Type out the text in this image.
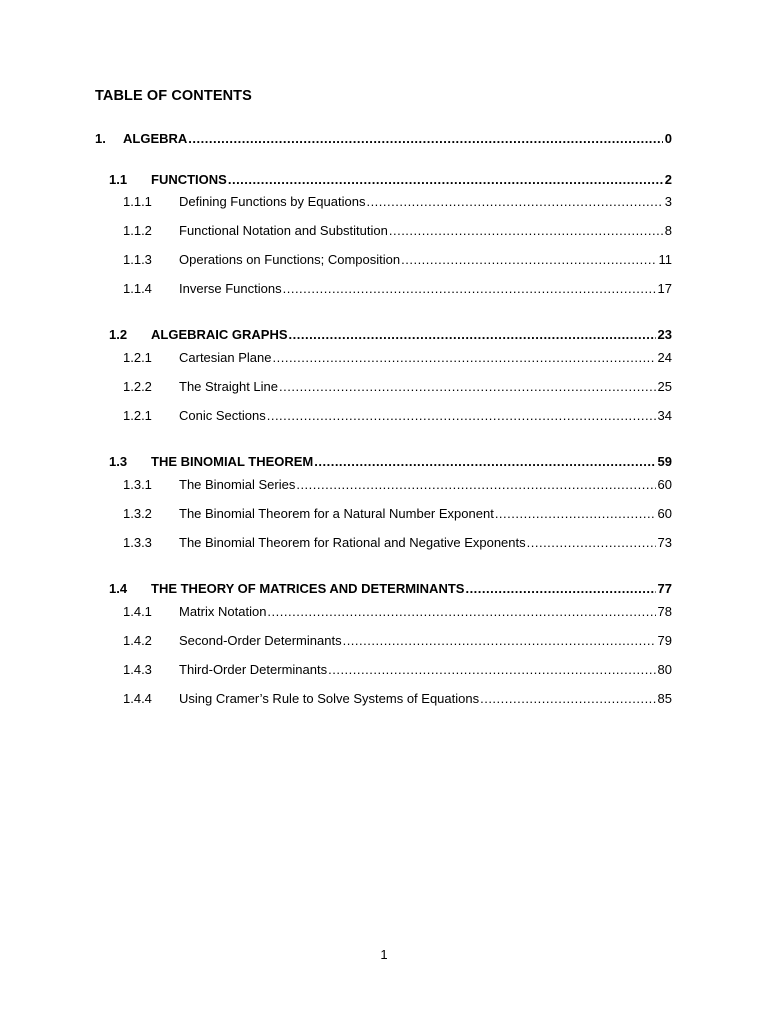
TABLE OF CONTENTS
1.	ALGEBRA .....	0
1.1	FUNCTIONS .....	2
1.1.1	Defining Functions by Equations .....	3
1.1.2	Functional Notation and Substitution .....	8
1.1.3	Operations on Functions; Composition .....	11
1.1.4	Inverse Functions .....	17
1.2	ALGEBRAIC GRAPHS .....	23
1.2.1	Cartesian Plane .....	24
1.2.2	The Straight Line .....	25
1.2.1	Conic Sections .....	34
1.3	THE BINOMIAL THEOREM .....	59
1.3.1	The Binomial Series .....	60
1.3.2	The Binomial Theorem for a Natural Number Exponent .....	60
1.3.3	The Binomial Theorem for Rational and Negative Exponents .....	73
1.4	THE THEORY OF MATRICES AND DETERMINANTS .....	77
1.4.1	Matrix Notation .....	78
1.4.2	Second-Order Determinants .....	79
1.4.3	Third-Order Determinants .....	80
1.4.4	Using Cramer’s Rule to Solve Systems of Equations .....	85
1
